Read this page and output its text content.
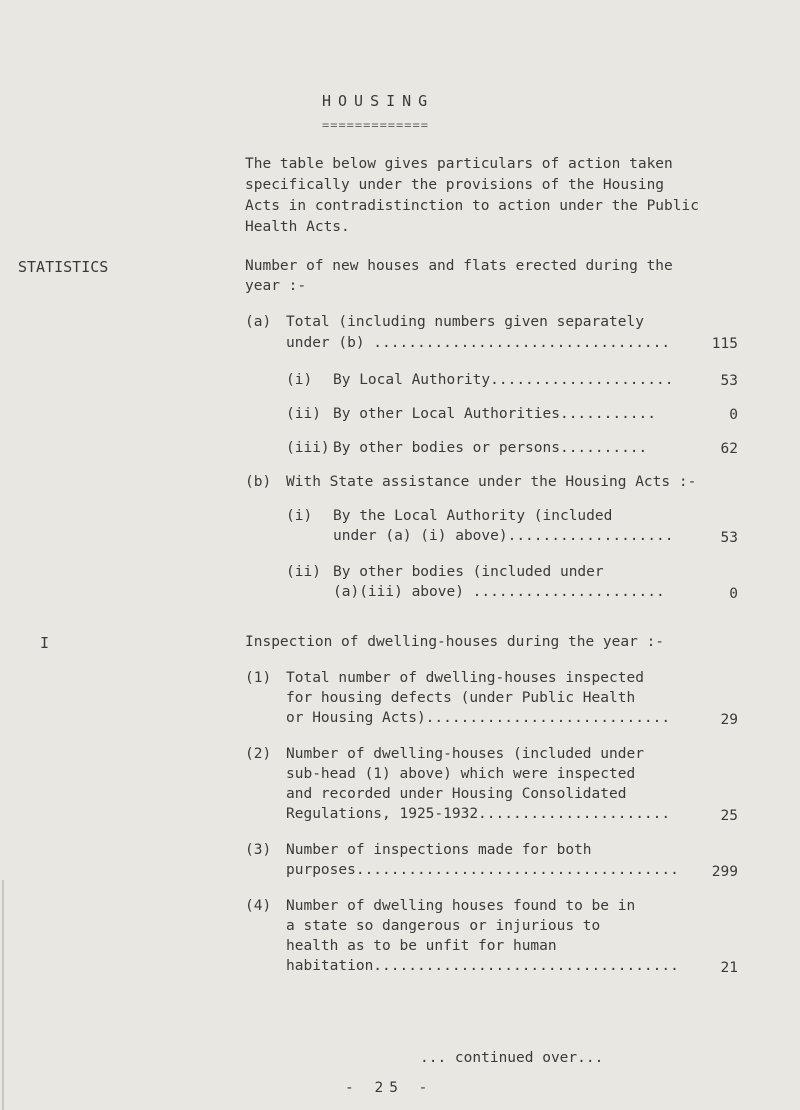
HOUSING
=============
The table below gives particulars of action taken specifically under the provisions of the Housing Acts in contradistinction to action under the Public Health Acts.
STATISTICS
I
Number of new houses and flats erected during the
year :-
(a) Total (including numbers given separately
under (b) ..................................	115
(i) By Local Authority.....................	53
(ii) By other Local Authorities...........	0
(iii) By other bodies or persons..........	62
(b) With State assistance under the Housing Acts :-
(i) By the Local Authority (included
under (a) (i) above)...................	53
(ii) By other bodies (included under
(a)(iii) above) ......................	0
Inspection of dwelling-houses during the year :-
(1) Total number of dwelling-houses inspected
for housing defects (under Public Health
or Housing Acts)............................	29
(2) Number of dwelling-houses (included under
sub-head (1) above) which were inspected
and recorded under Housing Consolidated
Regulations, 1925-1932......................	25
(3) Number of inspections made for both
purposes.....................................	299
(4) Number of dwelling houses found to be in
a state so dangerous or injurious to
health as to be unfit for human
habitation...................................	21
... continued over...
- 25 -
